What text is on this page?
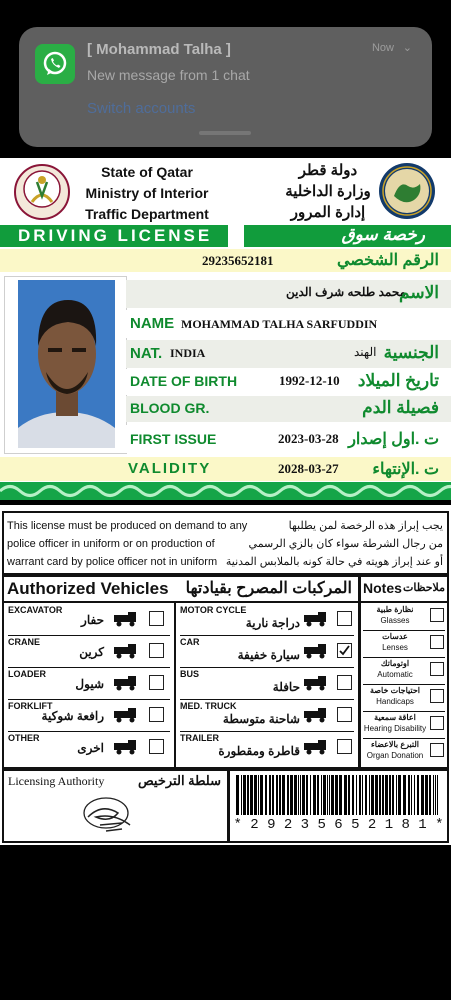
[ Mohammad Talha ]	Now ⌄
New message from 1 chat
Switch accounts
State of Qatar
Ministry of Interior
Traffic Department
دولة قطر
وزارة الداخلية
إدارة المرور
DRIVING LICENSE	رخصة سوق
29235652181	الرقم الشخصي
محمد طلحه شرف الدين
الاسم
NAME MOHAMMAD TALHA SARFUDDIN
NAT. INDIA	الهند الجنسية
DATE OF BIRTH	1992-12-10 تاريخ الميلاد
BLOOD GR.	فصيلة الدم
FIRST ISSUE	2023-03-28 ت .اول إصدار
VALIDITY	2028-03-27 ت .الإنتهاء
This license must be produced on demand to any
police officer in uniform or on production of
warrant card by police officer not in uniform
يجب إبراز هذه الرخصة لمن يطلبها
من رجال الشرطة سواء كان بالزي الرسمي
أو عند إبراز هويته في حالة كونه بالملابس المدنية
Authorized Vehicles المركبات المصرح بقيادتها
EXCAVATOR
حفار
CRANE
كرين
LOADER
شيول
FORKLIFT
رافعة شوكية
OTHER
اخرى
MOTOR CYCLE
دراجة نارية
CAR
سيارة خفيفة
BUS
حافلة
MED. TRUCK
شاحنة متوسطة
TRAILER
قاطرة ومقطورة
Notes ملاحظات
نظارة طبية
Glasses
عدسات
Lenses
اوتوماتك
Automatic
احتياجات خاصة
Handicaps
اعاقة سمعية
Hearing Disability
التبرع بالاعضاء
Organ Donation
Licensing Authority	سلطة الترخيص
* 2 9 2 3 5 6 5 2 1 8 1 *
